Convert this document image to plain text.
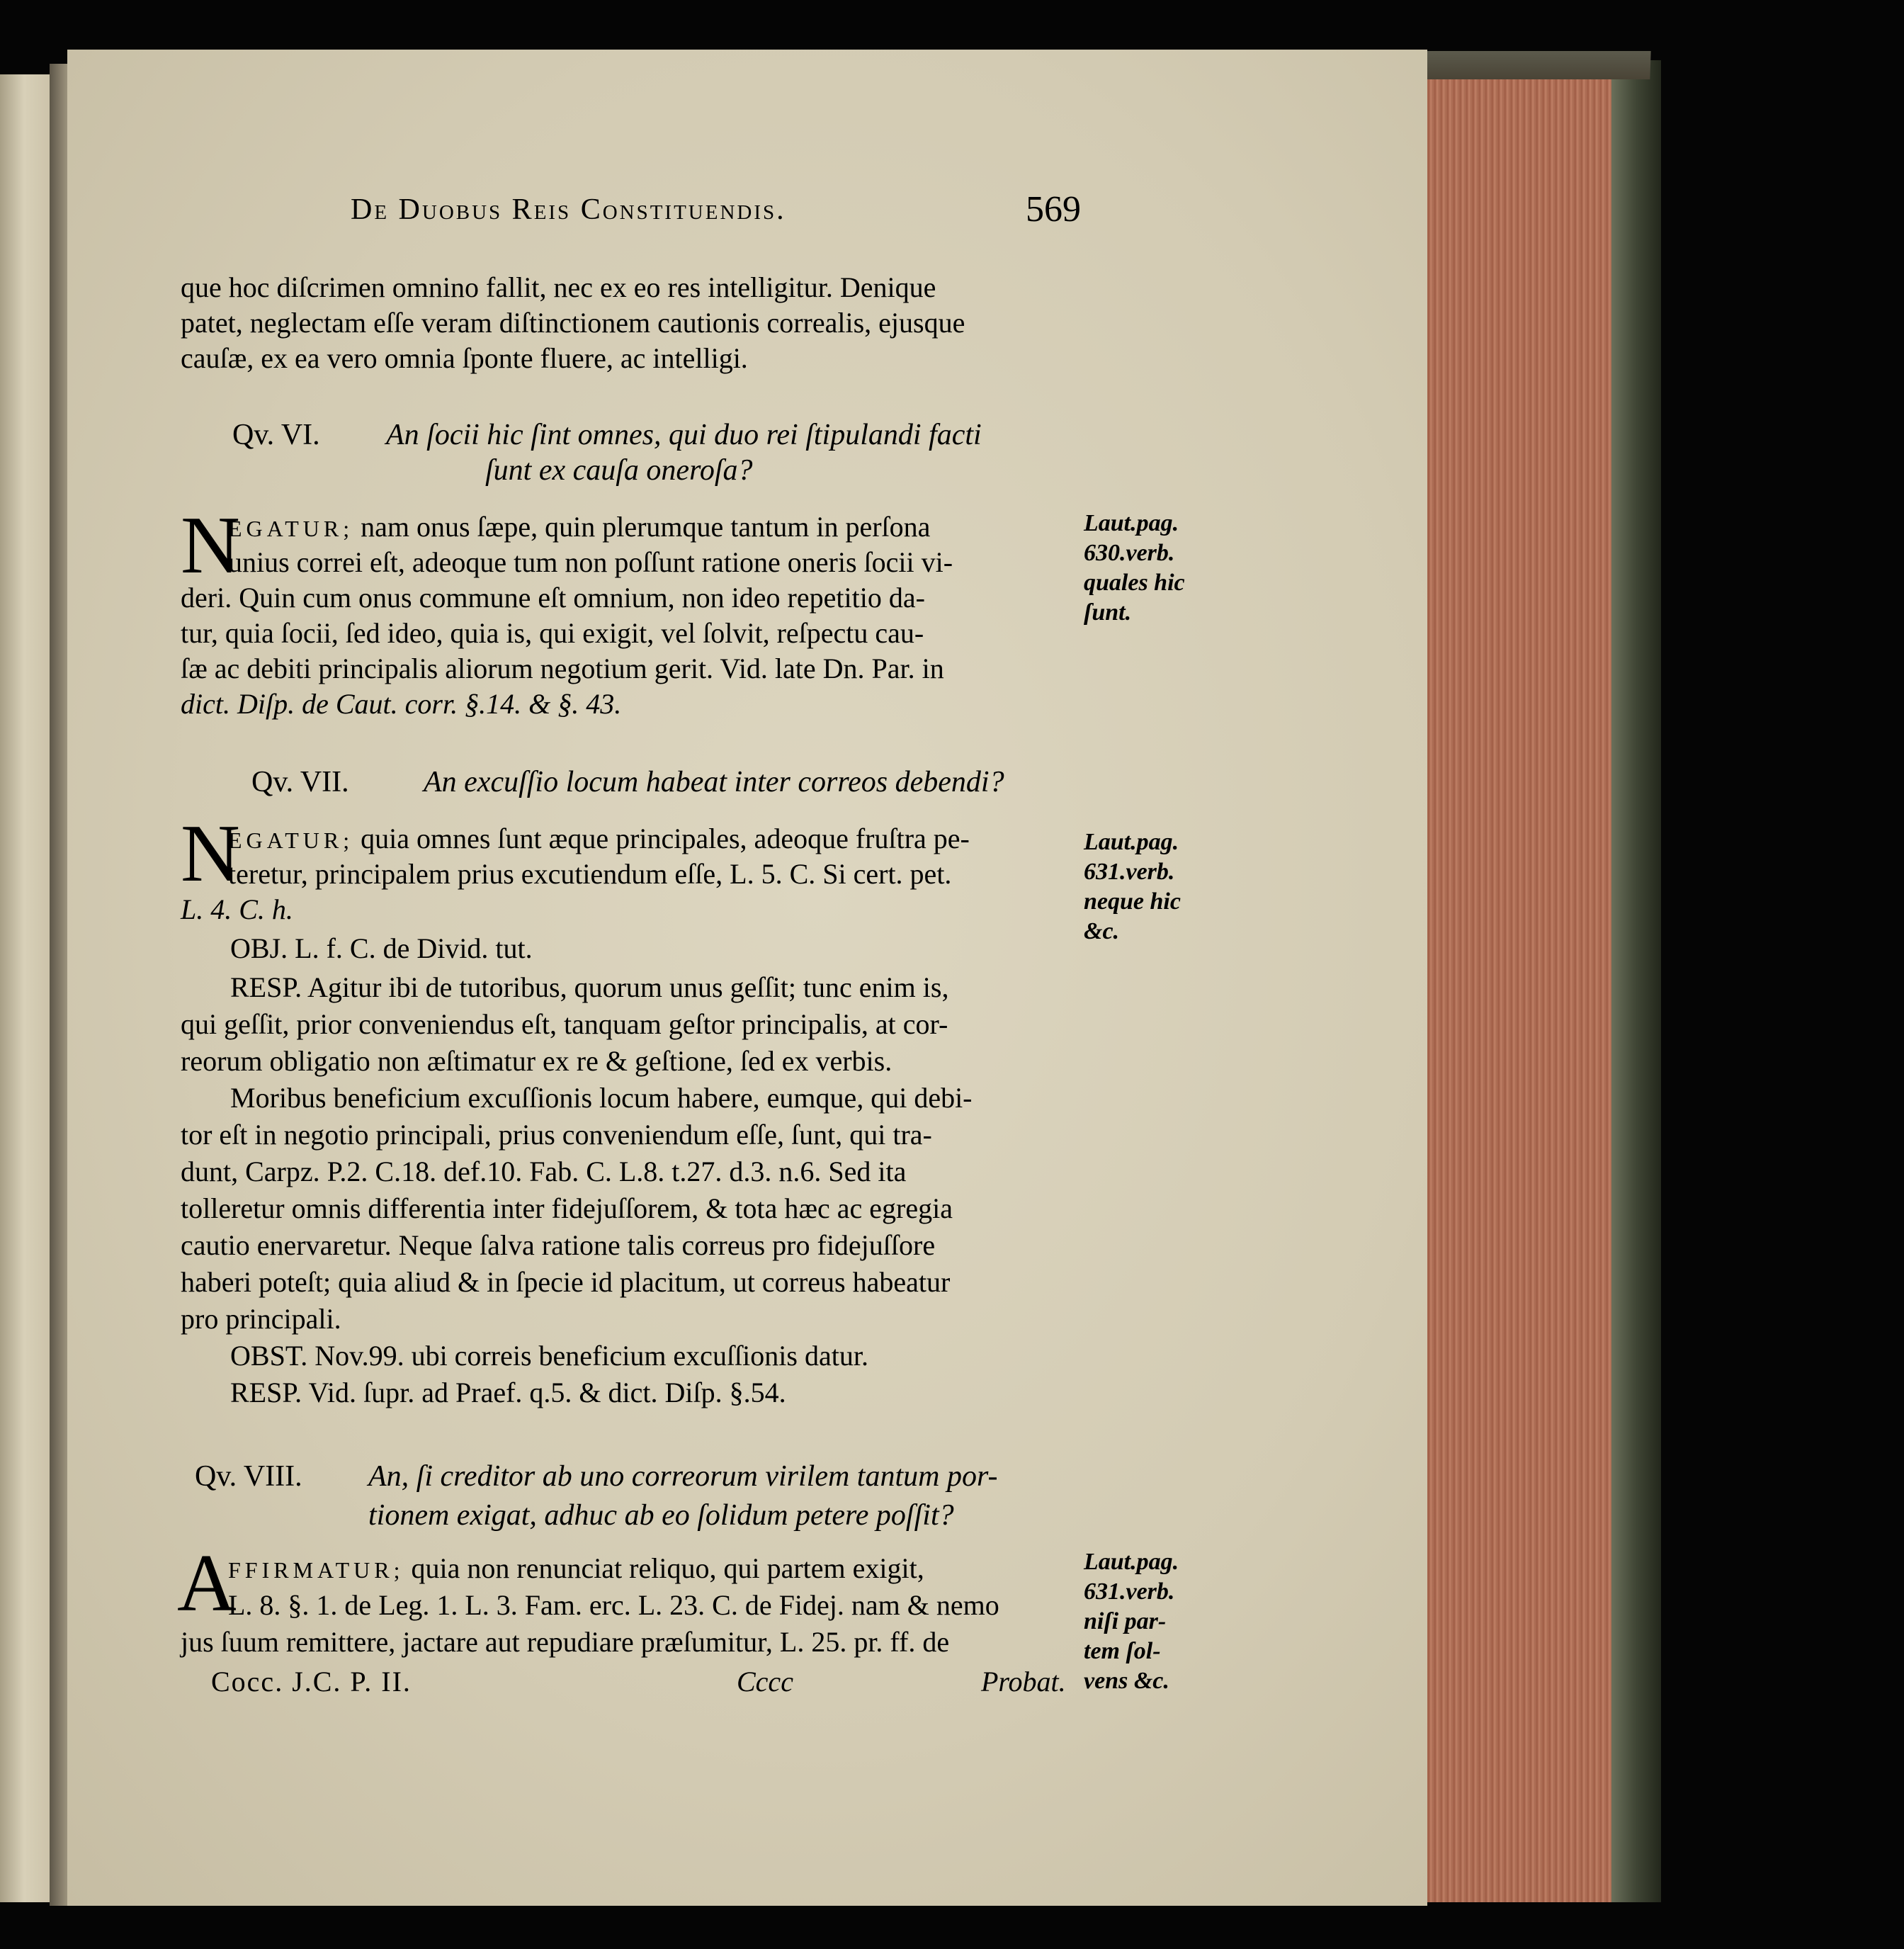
De Duobus Reis Constituendis.	569
que hoc diſcrimen omnino fallit, nec ex eo res intelligitur. Denique
patet, neglectam eſſe veram diſtinctionem cautionis correalis, ejusque
cauſæ, ex ea vero omnia ſponte fluere, ac intelligi.
Qv. VI. An ſocii hic ſint omnes, qui duo rei ſtipulandi facti
ſunt ex cauſa oneroſa?
N
EGATUR; nam onus ſæpe, quin plerumque tantum in perſona
unius correi eſt, adeoque tum non poſſunt ratione oneris ſocii vi-
deri. Quin cum onus commune eſt omnium, non ideo repetitio da-
tur, quia ſocii, ſed ideo, quia is, qui exigit, vel ſolvit, reſpectu cau-
ſæ ac debiti principalis aliorum negotium gerit. Vid. late Dn. Par. in
dict. Diſp. de Caut. corr. §.14. & §. 43.
Laut.pag.
630.verb.
quales hic
ſunt.
Qv. VII.	An excuſſio locum habeat inter correos debendi?
N
EGATUR; quia omnes ſunt æque principales, adeoque fruſtra pe-
teretur, principalem prius excutiendum eſſe, L. 5. C. Si cert. pet.
L. 4. C. h.
OBJ. L. f. C. de Divid. tut.
RESP. Agitur ibi de tutoribus, quorum unus geſſit; tunc enim is,
qui geſſit, prior conveniendus eſt, tanquam geſtor principalis, at cor-
reorum obligatio non æſtimatur ex re & geſtione, ſed ex verbis.
Moribus beneficium excuſſionis locum habere, eumque, qui debi-
tor eſt in negotio principali, prius conveniendum eſſe, ſunt, qui tra-
dunt, Carpz. P.2. C.18. def.10. Fab. C. L.8. t.27. d.3. n.6. Sed ita
tolleretur omnis differentia inter fidejuſſorem, & tota hæc ac egregia
cautio enervaretur. Neque ſalva ratione talis correus pro fidejuſſore
haberi poteſt; quia aliud & in ſpecie id placitum, ut correus habeatur
pro principali.
OBST. Nov.99. ubi correis beneficium excuſſionis datur.
RESP. Vid. ſupr. ad Praef. q.5. & dict. Diſp. §.54.
Laut.pag.
631.verb.
neque hic
&c.
Qv. VIII. An, ſi creditor ab uno correorum virilem tantum por-
tionem exigat, adhuc ab eo ſolidum petere poſſit?
A
FFIRMATUR; quia non renunciat reliquo, qui partem exigit,
L. 8. §. 1. de Leg. 1. L. 3. Fam. erc. L. 23. C. de Fidej. nam & nemo
jus ſuum remittere, jactare aut repudiare præſumitur, L. 25. pr. ff. de
Laut.pag.
631.verb.
niſi par-
tem ſol-
vens &c.
Cocc. J.C. P. II.	Cccc	Probat.
